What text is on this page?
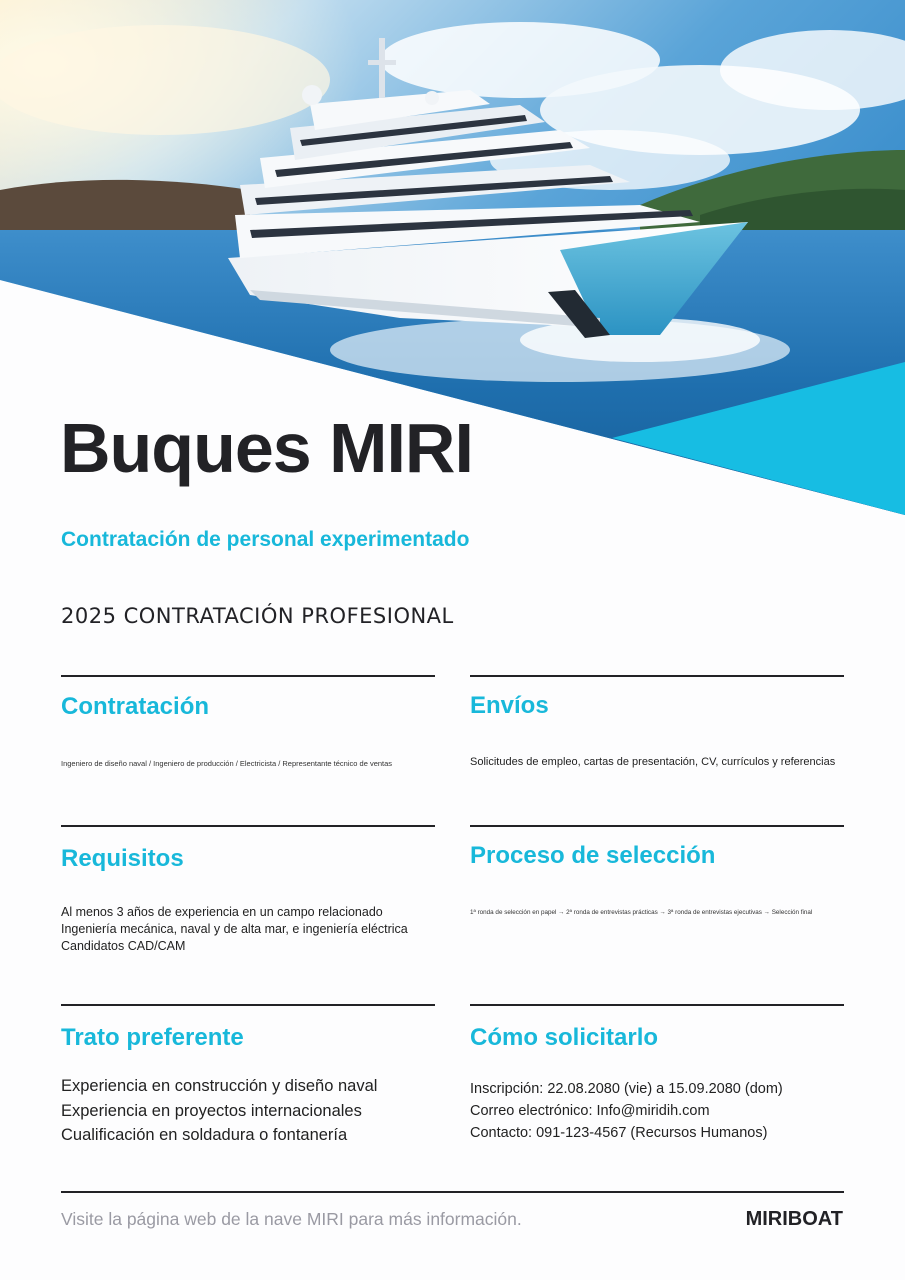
Buques MIRI

Contratación de personal experimentado

2025 CONTRATACIÓN PROFESIONAL

Contratación
Ingeniero de diseño naval / Ingeniero de producción / Electricista / Representante técnico de ventas
Envíos
Solicitudes de empleo, cartas de presentación, CV, currículos y referencias
Requisitos
Al menos 3 años de experiencia en un campo relacionado
Ingeniería mecánica, naval y de alta mar, e ingeniería eléctrica
Candidatos CAD/CAM
Proceso de selección
1ª ronda de selección en papel → 2ª ronda de entrevistas prácticas → 3ª ronda de entrevistas ejecutivas → Selección final
Trato preferente
Experiencia en construcción y diseño naval
Experiencia en proyectos internacionales
Cualificación en soldadura o fontanería
Cómo solicitarlo
Inscripción: 22.08.2080 (vie) a 15.09.2080 (dom)
Correo electrónico: Info@miridih.com
Contacto: 091-123-4567 (Recursos Humanos)
Visite la página web de la nave MIRI para más información.	MIRIBOAT
